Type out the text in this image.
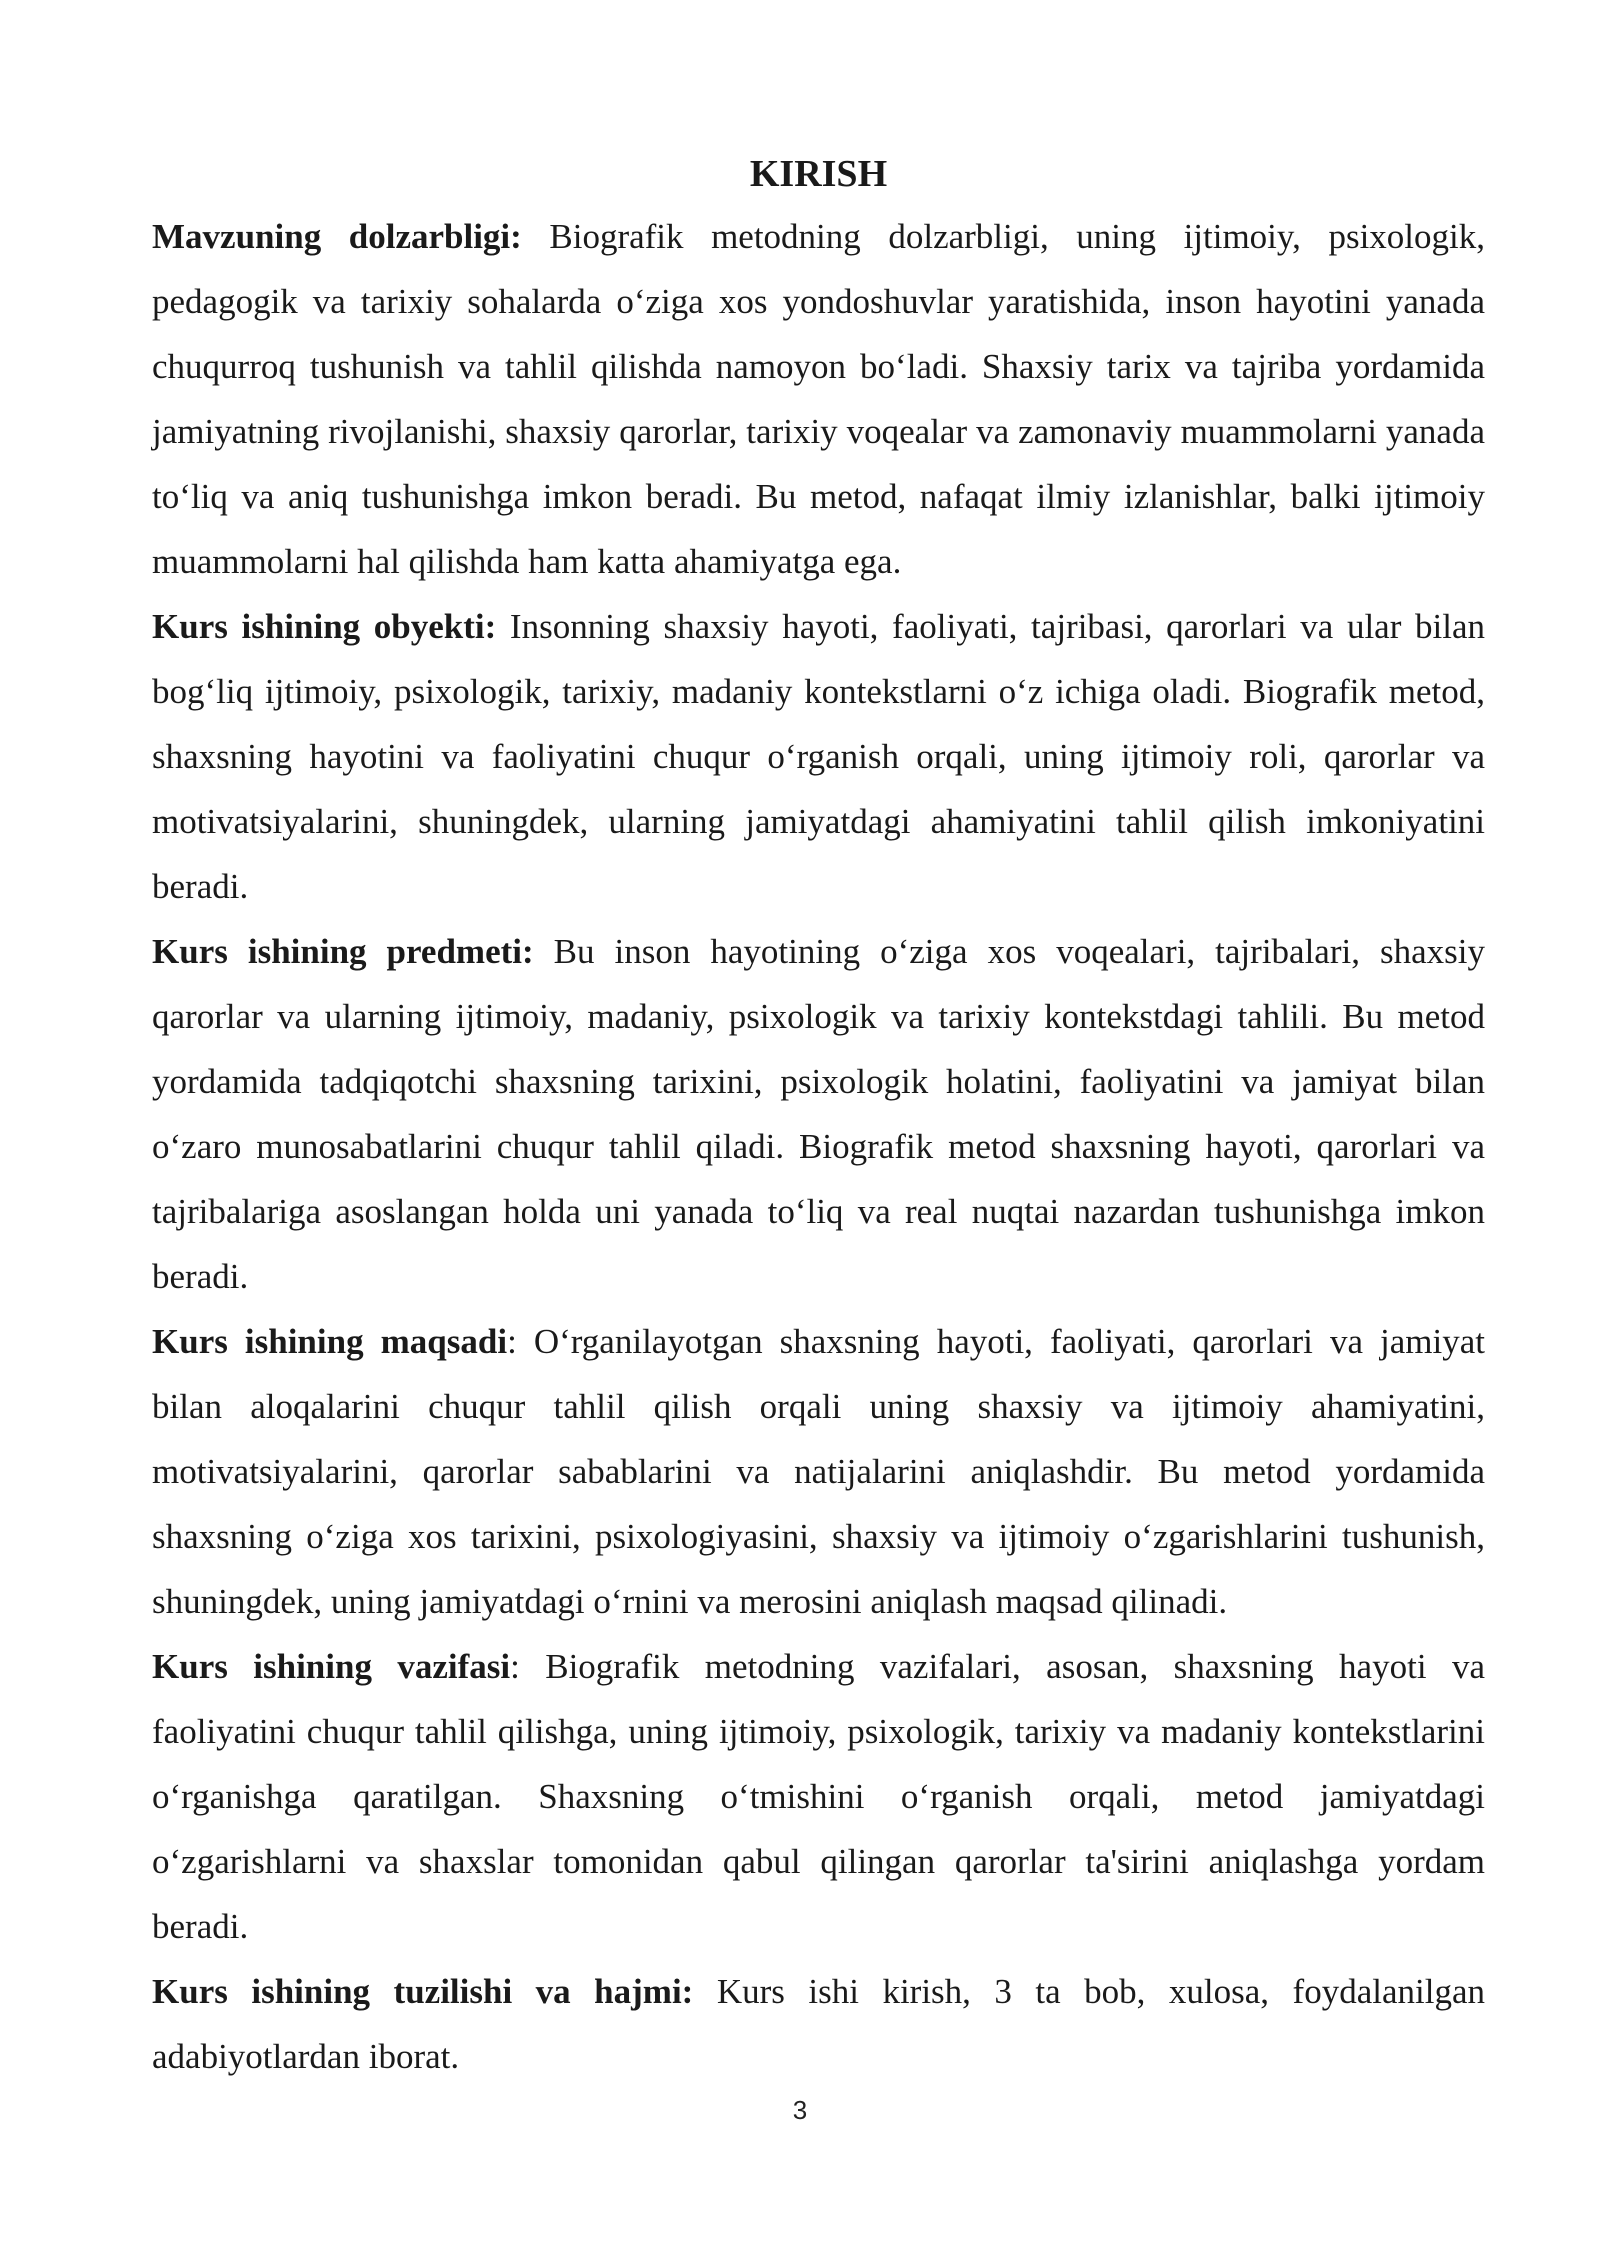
KIRISH

Mavzuning dolzarbligi: Biografik metodning dolzarbligi, uning ijtimoiy, psixologik, pedagogik va tarixiy sohalarda o‘ziga xos yondoshuvlar yaratishida, inson hayotini yanada chuqurroq tushunish va tahlil qilishda namoyon bo‘ladi. Shaxsiy tarix va tajriba yordamida jamiyatning rivojlanishi, shaxsiy qarorlar, tarixiy voqealar va zamonaviy muammolarni yanada to‘liq va aniq tushunishga imkon beradi. Bu metod, nafaqat ilmiy izlanishlar, balki ijtimoiy muammolarni hal qilishda ham katta ahamiyatga ega.

Kurs ishining obyekti: Insonning shaxsiy hayoti, faoliyati, tajribasi, qarorlari va ular bilan bog‘liq ijtimoiy, psixologik, tarixiy, madaniy kontekstlarni o‘z ichiga oladi. Biografik metod, shaxsning hayotini va faoliyatini chuqur o‘rganish orqali, uning ijtimoiy roli, qarorlar va motivatsiyalarini, shuningdek, ularning jamiyatdagi ahamiyatini tahlil qilish imkoniyatini beradi.

Kurs ishining predmeti: Bu inson hayotining o‘ziga xos voqealari, tajribalari, shaxsiy qarorlar va ularning ijtimoiy, madaniy, psixologik va tarixiy kontekstdagi tahlili. Bu metod yordamida tadqiqotchi shaxsning tarixini, psixologik holatini, faoliyatini va jamiyat bilan o‘zaro munosabatlarini chuqur tahlil qiladi. Biografik metod shaxsning hayoti, qarorlari va tajribalariga asoslangan holda uni yanada to‘liq va real nuqtai nazardan tushunishga imkon beradi.

Kurs ishining maqsadi: O‘rganilayotgan shaxsning hayoti, faoliyati, qarorlari va jamiyat bilan aloqalarini chuqur tahlil qilish orqali uning shaxsiy va ijtimoiy ahamiyatini, motivatsiyalarini, qarorlar sabablarini va natijalarini aniqlashdir. Bu metod yordamida shaxsning o‘ziga xos tarixini, psixologiyasini, shaxsiy va ijtimoiy o‘zgarishlarini tushunish, shuningdek, uning jamiyatdagi o‘rnini va merosini aniqlash maqsad qilinadi.

Kurs ishining vazifasi: Biografik metodning vazifalari, asosan, shaxsning hayoti va faoliyatini chuqur tahlil qilishga, uning ijtimoiy, psixologik, tarixiy va madaniy kontekstlarini o‘rganishga qaratilgan. Shaxsning o‘tmishini o‘rganish orqali, metod jamiyatdagi o‘zgarishlarni va shaxslar tomonidan qabul qilingan qarorlar ta'sirini aniqlashga yordam beradi.

Kurs ishining tuzilishi va hajmi: Kurs ishi kirish, 3 ta bob, xulosa, foydalanilgan adabiyotlardan iborat.

3
